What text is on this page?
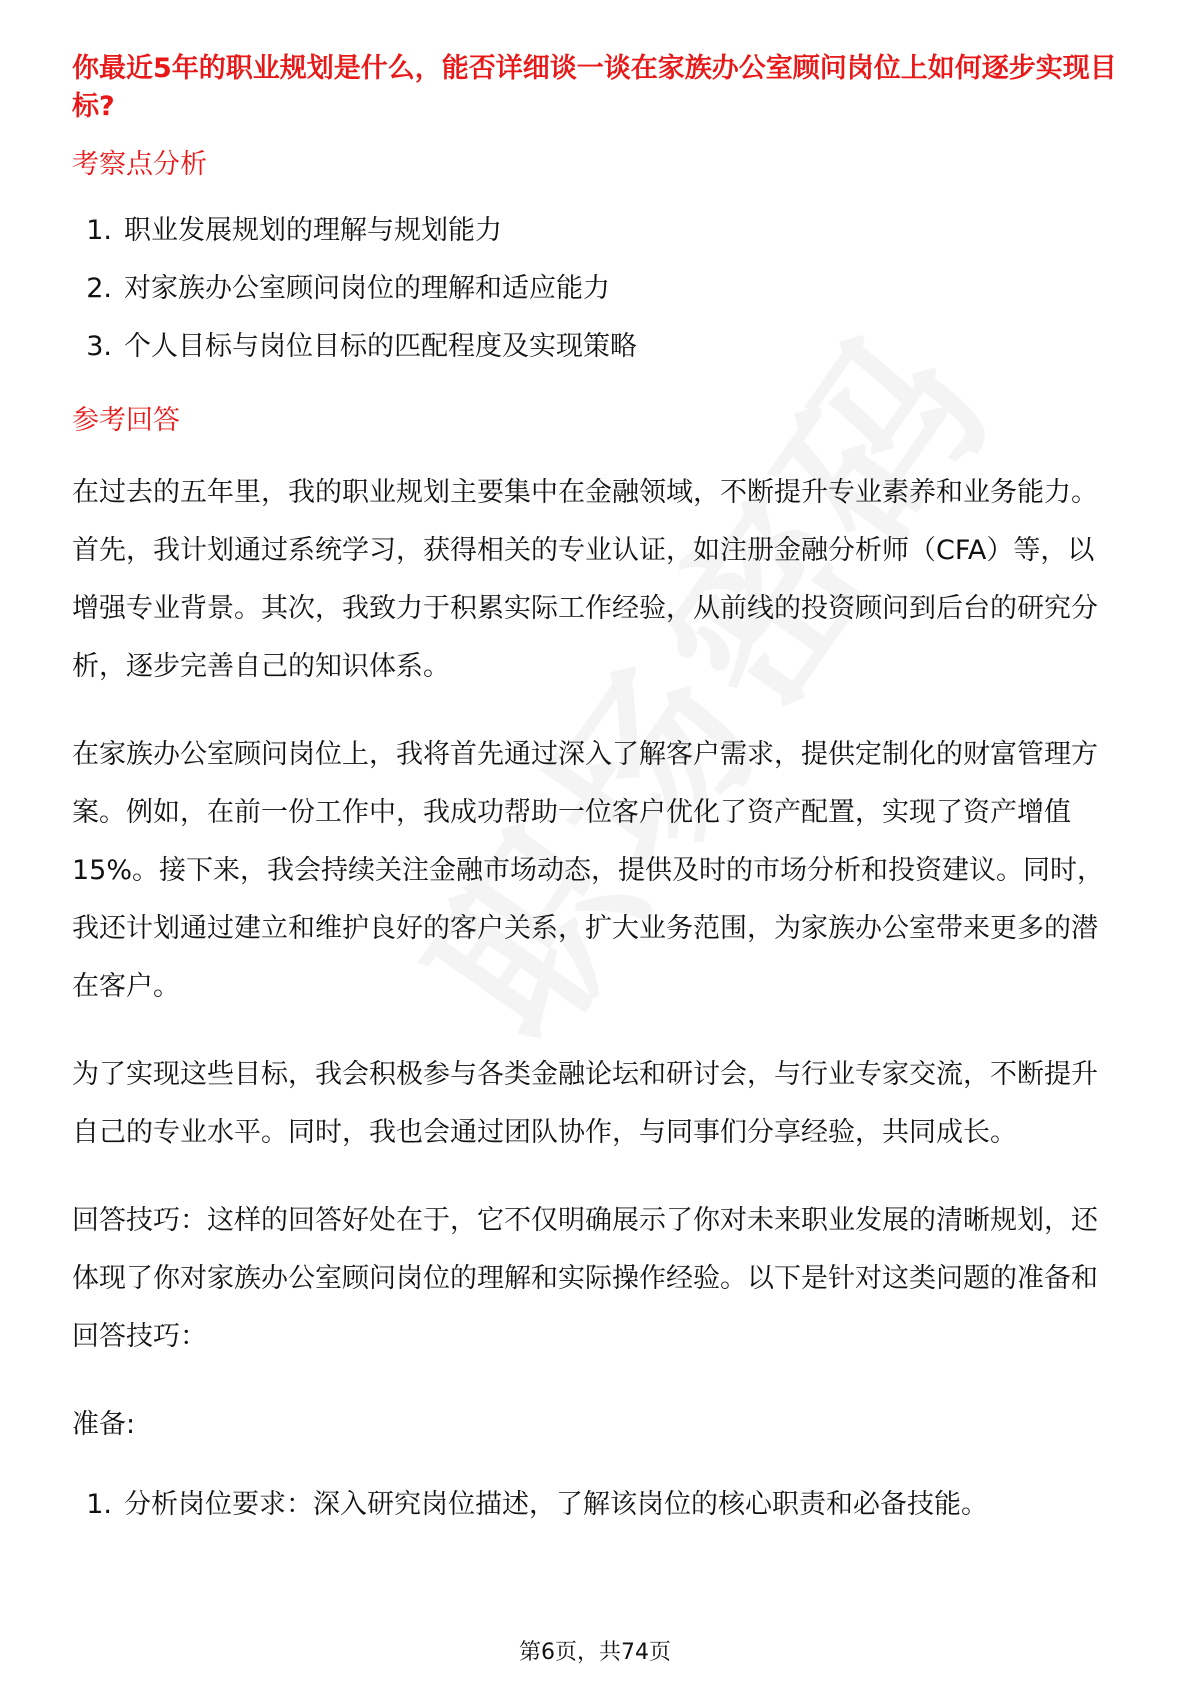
你最近5年的职业规划是什么，能否详细谈一谈在家族办公室顾问岗位上如何逐步实现目标?
考察点分析
1. 职业发展规划的理解与规划能力
2. 对家族办公室顾问岗位的理解和适应能力
3. 个人目标与岗位目标的匹配程度及实现策略
参考回答

在过去的五年里，我的职业规划主要集中在金融领域，不断提升专业素养和业务能力。首先，我计划通过系统学习，获得相关的专业认证，如注册金融分析师（CFA）等，以增强专业背景。其次，我致力于积累实际工作经验，从前线的投资顾问到后台的研究分析，逐步完善自己的知识体系。

在家族办公室顾问岗位上，我将首先通过深入了解客户需求，提供定制化的财富管理方案。例如，在前一份工作中，我成功帮助一位客户优化了资产配置，实现了资产增值15%。接下来，我会持续关注金融市场动态，提供及时的市场分析和投资建议。同时，我还计划通过建立和维护良好的客户关系，扩大业务范围，为家族办公室带来更多的潜在客户。

为了实现这些目标，我会积极参与各类金融论坛和研讨会，与行业专家交流，不断提升自己的专业水平。同时，我也会通过团队协作，与同事们分享经验，共同成长。

回答技巧：这样的回答好处在于，它不仅明确展示了你对未来职业发展的清晰规划，还体现了你对家族办公室顾问岗位的理解和实际操作经验。以下是针对这类问题的准备和回答技巧：

准备:
1. 分析岗位要求：深入研究岗位描述，了解该岗位的核心职责和必备技能。
第6页，共74页
